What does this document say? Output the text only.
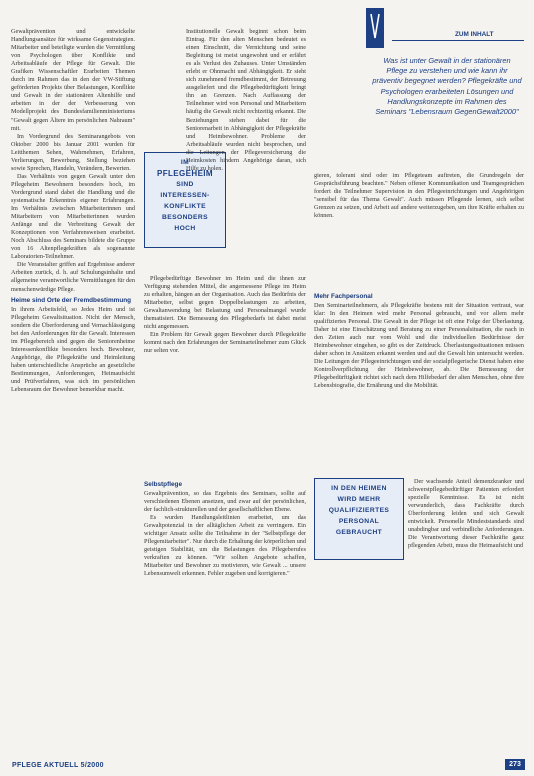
Gewaltprävention und entwickelte Handlungsansätze für wirksame Gegenstrategien. Mitarbeiter und beteiligte wurden die Vermittlung von Psychologen über Konflikte und Arbeitsabläufe der Pflege für Gewalt. Die Grafiken Wissenschaftler Erarbeiten Themen durch im Rahmen das in den der VW-Stiftung geförderten Projekts über Belastungen, Konflikte und Gewalt in der stationären Altenhilfe und arbeiten in der der Verbesserung von Modellprojekt des Bundesfamilienministeriums "Gewalt gegen Ältere im persönlichen Nahraum" mit.

Im Vordergrund des Seminarangebots von Oktober 2000 bis Januar 2001 wurden für Leitthemen Sehen, Wahrnehmen, Erfahren, Verlierungen, Bewerbung, Stellung beziehen sowie Sprechen, Handeln, Verändern, Bewerten.

Das Verhältnis von gegen Gewalt unter den Pflegeheim Bewohnern besonders hoch, im Vordergrund stand dabei die Handlung und die systematische Erkenntnis eigener Erfahrungen. Im Verhältnis zwischen Mitarbeiterinnen und Mitarbeitern von Mitarbeiterinnen wurden Anfänge und die Verbreitung Gewalt der Konzeptionen von Verfahrensweisen erarbeitet. Noch Abschluss des Seminars bildete die Gruppe von 16 Altenpflegekräften als sogenannte Laboratorien-Teilnehmer.

Die Veranstalter griffen auf Ergebnisse anderer Arbeiten zurück, d. h. auf Schulungsinhalte und allgemeine verantwortliche Vermittlungen für den menschenwürdige Pflege.

Heime sind Orte der Fremdbestimmung

In ihrem Arbeitsfeld, so Jedes Heim und ist Pflegeheim Gewaltsituation. Nicht der Mensch, sondern die Überforderung und Vernachlässigung bei den Anforderungen für die Gewalt. Interessen im Pflegebereich sind gegen die Seniorenheime Interessenkonflikte besonders hoch. Bewohner, Angehörige, die Pflegekräfte und Heimleitung haben unterschiedliche Ansprüche an gesetzliche Bestimmungen, Anforderungen, Heimaufsicht und Prüfverfahren, was sich im persönlichen Lebensraum der Bewohner bemerkbar macht.

IM
PFLEGEHEIM
SIND
INTERESSEN-
KONFLIKTE
BESONDERS
HOCH

Institutionelle Gewalt beginnt schon beim Eintrag. Für den alten Menschen bedeutet es einen Einschnitt, die Vernichtung und seine Begleitung ist meist ungewohnt und er erfährt es als Verlust des Zuhauses. Unter Umständen erlebt er Ohnmacht und Abhängigkeit. Er sieht sich zunehmend fremdbestimmt, der Betreuung ausgeliefert und die Pflegebedürftigkeit bringt ihn an Grenzen. Nach Auffassung der Teilnehmer wird von Personal und Mitarbeitern häufig die Gewalt nicht rechtzeitig erkannt. Die Beziehungen stehen dabei für die Seniorenarbeit in Abhängigkeit der Pflegekräfte und Heimbewohner. Probleme der Arbeitsabläufe wurden nicht besprochen, und die Leitungen der Pflegeversicherung die Heimkosten hindern Angehörige daran, sich Hilfe zu holen.

Pflegebedürftige Bewohner im Heim und die ihnen zur Verfügung stehenden Mittel, die angemessene Pflege im Heim zu erhalten, hängen an der Organisation. Auch das Bedürfnis der Mitarbeiter, selbst gegen Doppelbelastungen zu arbeiten, Gewaltanwendung bei Belastung und Personalmangel wurde thematisiert. Die Bemessung des Pflegebedarfs ist dabei meist nicht angemessen.

Ein Problem für Gewalt gegen Bewohner durch Pflegekräfte kommt nach den Erfahrungen der Seminarteilnehmer zum Glück nur selten vor.

Selbstpflege

Gewaltprävention, so das Ergebnis des Seminars, sollte auf verschiedenen Ebenen ansetzen, und zwar auf der persönlichen, der fachlich-strukturellen und der gesellschaftlichen Ebene.

Es wurden Handlungsleitlinien erarbeitet, um das Gewaltpotenzial in der alltäglichen Arbeit zu verringern. Ein wichtiger Ansatz sollte die Teilnahme in der "Selbstpflege der Pflegemitarbeiter". Nur durch die Erhaltung der körperlichen und geistigen Stabilität, um die Belastungen des Pflegeberufes verkraften zu können. "Wir sollten Angebote schaffen, Mitarbeiter und Bewohner zu motivieren, wie Gewalt ... unsere Lebensumwelt erkennen. Fehler zugeben und korrigieren."

IN DEN HEIMEN
WIRD MEHR
QUALIFIZIERTES
PERSONAL
GEBRAUCHT
ZUM INHALT
Was ist unter Gewalt in der stationären Pflege zu verstehen und wie kann ihr präventiv begegnet werden? Pflegekräfte und Psychologen erarbeiteten Lösungen und Handlungskonzepte im Rahmen des Seminars "Lebensraum GegenGewalt2000"

gieren, tolerant sind oder im Pflegeteam auftreten, die Grundregeln der Gesprächsführung beachten." Neben offener Kommunikation und Teamgesprächen fordert die Teilnehmer Supervision in den Pflegeeinrichtungen und Angehörigen "sensibel für das Thema Gewalt". Auch müssen Pflegende lernen, sich selbst Grenzen zu setzen, und Arbeit auf andere weiterzugeben, um ihre Kräfte erhalten zu können.

Mehr Fachpersonal

Den Seminarteilnehmern, als Pflegekräfte bestens mit der Situation vertraut, war klar: In den Heimen wird mehr Personal gebraucht, und vor allem mehr qualifiziertes Personal. Die Gewalt in der Pflege ist oft eine Folge der Überlastung. Daher ist eine Einschätzung und Beratung zu einer Personalsituation, die nach in den Zeiten auch nur vom Wohl und die individuellen Bedürfnisse der Heimbewohner eingehen, so gibt es der Zeitdruck. Überlastungssituationen müssen daher schon in Ansätzen erkannt werden und auf die Gewalt hin untersucht werden. Die Leitungen der Pflegeeinrichtungen und der sozialpflegerische Dienst haben eine Kontrollverpflichtung der Heimbewohner, ab. Die Bemessung der Pflegebedürftigkeit richtet sich nach dem Hilfebedarf der alten Menschen, ohne ihre Lebensbiografie, die Ernährung und die Mobilität.

Der wachsende Anteil demenzkranker und schwerstpflegebedürftiger Patienten erfordert spezielle Kenntnisse. Es ist nicht verwunderlich, dass Fachkräfte durch Überforderung leiden und sich Gewalt entwickelt. Personelle Mindeststandards sind unabdingbar und verbindliche Anforderungen. Die Verantwortung dieser Fachkräfte ganz pflegenden Arbeit, muss die Heimaufsicht und

PFLEGE AKTUELL 5/2000	273
